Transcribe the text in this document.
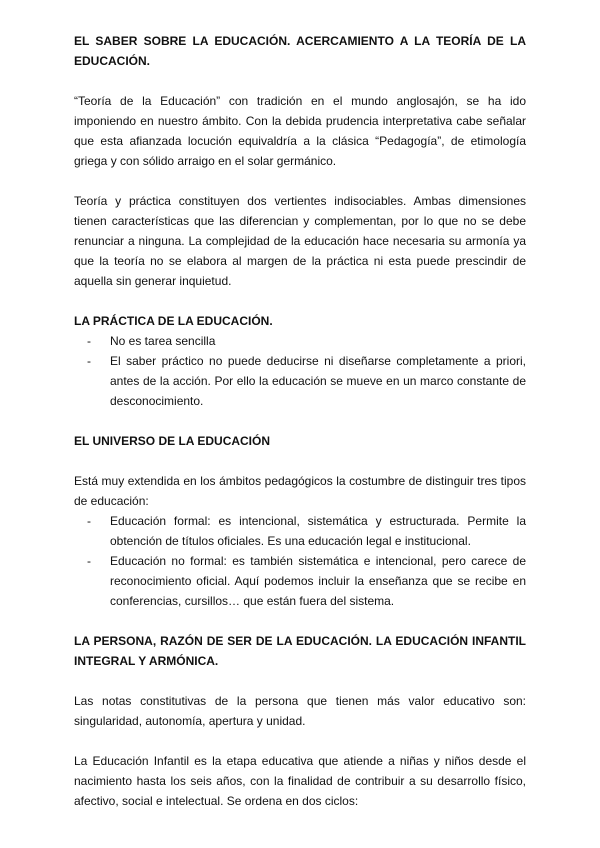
EL SABER SOBRE LA EDUCACIÓN. ACERCAMIENTO A LA TEORÍA DE LA EDUCACIÓN.

“Teoría de la Educación” con tradición en el mundo anglosajón, se ha ido imponiendo en nuestro ámbito. Con la debida prudencia interpretativa cabe señalar que esta afianzada locución equivaldría a la clásica “Pedagogía”, de etimología griega y con sólido arraigo en el solar germánico.

Teoría y práctica constituyen dos vertientes indisociables. Ambas dimensiones tienen características que las diferencian y complementan, por lo que no se debe renunciar a ninguna. La complejidad de la educación hace necesaria su armonía ya que la teoría no se elabora al margen de la práctica ni esta puede prescindir de aquella sin generar inquietud.

LA PRÁCTICA DE LA EDUCACIÓN.
- No es tarea sencilla
- El saber práctico no puede deducirse ni diseñarse completamente a priori, antes de la acción. Por ello la educación se mueve en un marco constante de desconocimiento.
EL UNIVERSO DE LA EDUCACIÓN

Está muy extendida en los ámbitos pedagógicos la costumbre de distinguir tres tipos de educación:

- Educación formal: es intencional, sistemática y estructurada. Permite la obtención de títulos oficiales. Es una educación legal e institucional.
- Educación no formal: es también sistemática e intencional, pero carece de reconocimiento oficial. Aquí podemos incluir la enseñanza que se recibe en conferencias, cursillos… que están fuera del sistema.
LA PERSONA, RAZÓN DE SER DE LA EDUCACIÓN. LA EDUCACIÓN INFANTIL INTEGRAL Y ARMÓNICA.

Las notas constitutivas de la persona que tienen más valor educativo son: singularidad, autonomía, apertura y unidad.

La Educación Infantil es la etapa educativa que atiende a niñas y niños desde el nacimiento hasta los seis años, con la finalidad de contribuir a su desarrollo físico, afectivo, social e intelectual. Se ordena en dos ciclos:
